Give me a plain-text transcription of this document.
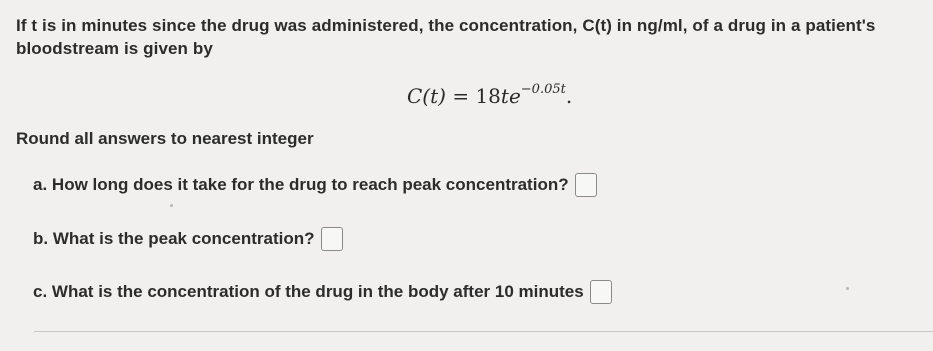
If t is in minutes since the drug was administered, the concentration, C(t) in ng/ml, of a drug in a patient's bloodstream is given by
$C(t) = 18te^{-0.05t}$.
Round all answers to nearest integer
a.
How long does it take for the drug to reach peak concentration?
b.
What is the peak concentration?
c.
What is the concentration of the drug in the body after 10 minutes
